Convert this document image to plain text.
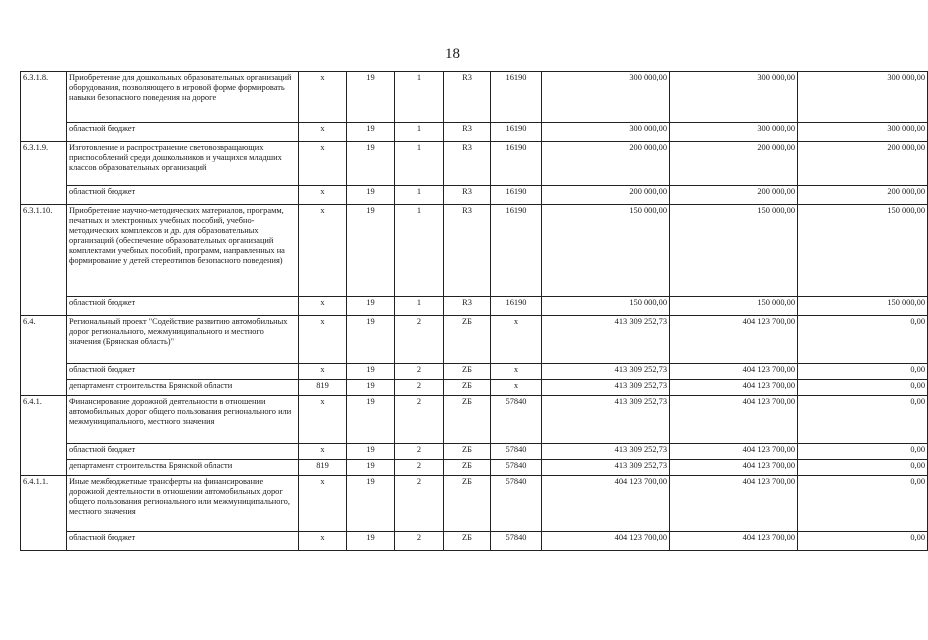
18
6.3.1.8.	Приобретение для дошкольных образовательных организаций оборудования, позволяющего в игровой форме формировать навыки безопасного поведения на дороге	х	19	1	R3	16190	300 000,00	300 000,00	300 000,00
	областной бюджет	х	19	1	R3	16190	300 000,00	300 000,00	300 000,00
6.3.1.9.	Изготовление и распространение световозвращающих приспособлений среди дошкольников и учащихся младших классов образовательных организаций	х	19	1	R3	16190	200 000,00	200 000,00	200 000,00
	областной бюджет	х	19	1	R3	16190	200 000,00	200 000,00	200 000,00
6.3.1.10.	Приобретение научно-методических материалов, программ, печатных и электронных учебных пособий, учебно-методических комплексов и др. для образовательных организаций (обеспечение образовательных организаций комплектами учебных пособий, программ, направленных на формирование у детей стереотипов безопасного поведения)	х	19	1	R3	16190	150 000,00	150 000,00	150 000,00
	областной бюджет	х	19	1	R3	16190	150 000,00	150 000,00	150 000,00
6.4.	Региональный проект "Содействие развитию автомобильных дорог регионального, межмуниципального и местного значения (Брянская область)"	х	19	2	ZБ	х	413 309 252,73	404 123 700,00	0,00
	областной бюджет	х	19	2	ZБ	х	413 309 252,73	404 123 700,00	0,00
	департамент строительства Брянской области	819	19	2	ZБ	х	413 309 252,73	404 123 700,00	0,00
6.4.1.	Финансирование дорожной деятельности в отношении автомобильных дорог общего пользования регионального или межмуниципального, местного значения	х	19	2	ZБ	57840	413 309 252,73	404 123 700,00	0,00
	областной бюджет	х	19	2	ZБ	57840	413 309 252,73	404 123 700,00	0,00
	департамент строительства Брянской области	819	19	2	ZБ	57840	413 309 252,73	404 123 700,00	0,00
6.4.1.1.	Иные межбюджетные трансферты на финансирование дорожной деятельности в отношении автомобильных дорог общего пользования регионального или межмуниципального, местного значения	х	19	2	ZБ	57840	404 123 700,00	404 123 700,00	0,00
	областной бюджет	х	19	2	ZБ	57840	404 123 700,00	404 123 700,00	0,00
